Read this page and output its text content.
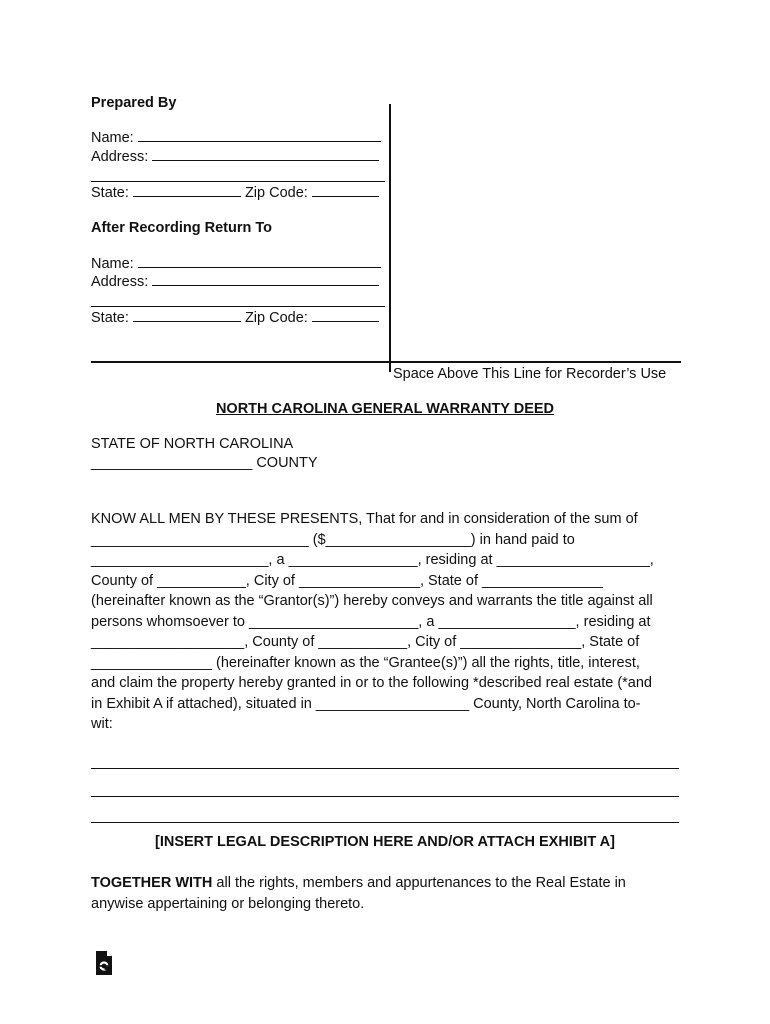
Prepared By
Name:
Address:
State:	Zip Code:
After Recording Return To
Name:
Address:
State:	Zip Code:
Space Above This Line for Recorder’s Use
NORTH CAROLINA GENERAL WARRANTY DEED
STATE OF NORTH CAROLINA
____________________ COUNTY
KNOW ALL MEN BY THESE PRESENTS, That for and in consideration of the sum of
___________________________ ($__________________) in hand paid to
______________________, a ________________, residing at ___________________,
County of ___________, City of _______________, State of _______________
(hereinafter known as the “Grantor(s)”) hereby conveys and warrants the title against all
persons whomsoever to _____________________, a _________________, residing at
___________________, County of ___________, City of _______________, State of
_______________ (hereinafter known as the “Grantee(s)”) all the rights, title, interest,
and claim the property hereby granted in or to the following *described real estate (*and
in Exhibit A if attached), situated in ___________________ County, North Carolina to-
wit:
[INSERT LEGAL DESCRIPTION HERE AND/OR ATTACH EXHIBIT A]
TOGETHER WITH all the rights, members and appurtenances to the Real Estate in anywise appertaining or belonging thereto.
